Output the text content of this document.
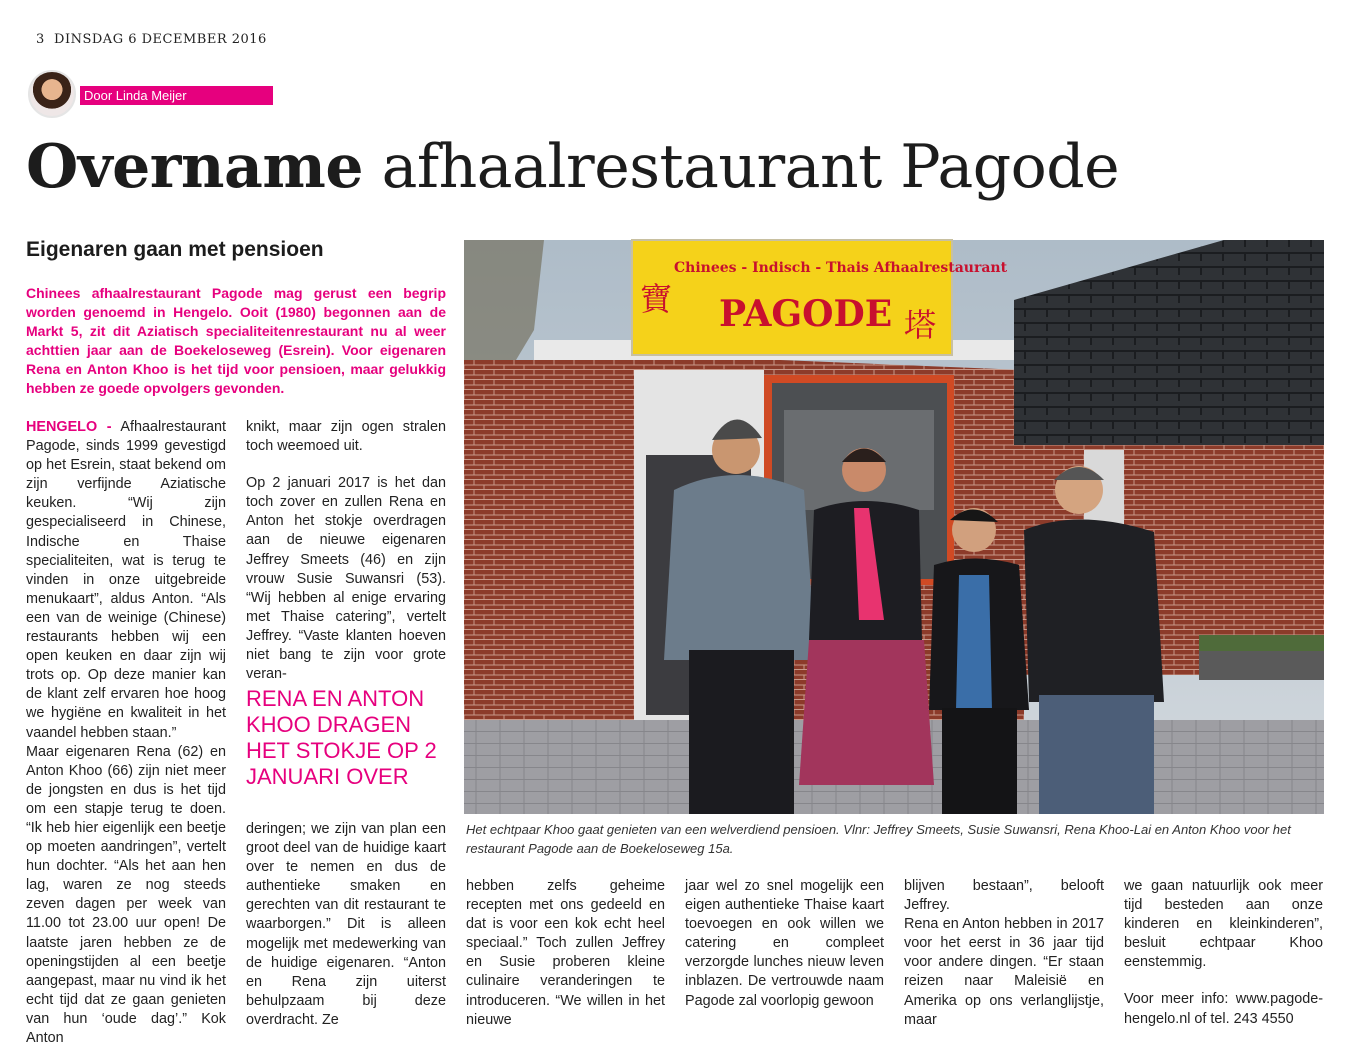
3 DINSDAG 6 DECEMBER 2016
Door Linda Meijer
Overname afhaalrestaurant Pagode
Eigenaren gaan met pensioen
Chinees afhaalrestaurant Pagode mag gerust een begrip worden genoemd in Hengelo. Ooit (1980) begonnen aan de Markt 5, zit dit Aziatisch specialiteitenrestaurant nu al weer achttien jaar aan de Boekeloseweg (Esrein). Voor eigenaren Rena en Anton Khoo is het tijd voor pensioen, maar gelukkig hebben ze goede opvolgers gevonden.

HENGELO - Afhaalrestaurant Pagode, sinds 1999 gevestigd op het Esrein, staat bekend om zijn verfijnde Aziatische keuken. “Wij zijn gespecialiseerd in Chinese, Indische en Thaise specialiteiten, wat is terug te vinden in onze uitgebreide menukaart”, aldus Anton. “Als een van de weinige (Chinese) restaurants hebben wij een open keuken en daar zijn wij trots op. Op deze manier kan de klant zelf ervaren hoe hoog we hygiëne en kwaliteit in het vaandel hebben staan.”

Maar eigenaren Rena (62) en Anton Khoo (66) zijn niet meer de jongsten en dus is het tijd om een stapje terug te doen. “Ik heb hier eigenlijk een beetje op moeten aandringen”, vertelt hun dochter. “Als het aan hen lag, waren ze nog steeds zeven dagen per week van 11.00 tot 23.00 uur open! De laatste jaren hebben ze de openingstijden al een beetje aangepast, maar nu vind ik het echt tijd dat ze gaan genieten van hun ‘oude dag’.” Kok Anton

knikt, maar zijn ogen stralen toch weemoed uit.

Op 2 januari 2017 is het dan toch zover en zullen Rena en Anton het stokje overdragen aan de nieuwe eigenaren Jeffrey Smeets (46) en zijn vrouw Susie Suwansri (53). “Wij hebben al enige ervaring met Thaise catering”, vertelt Jeffrey. “Vaste klanten hoeven niet bang te zijn voor grote veran-

RENA EN ANTON KHOO DRAGEN HET STOKJE OP 2 JANUARI OVER

deringen; we zijn van plan een groot deel van de huidige kaart over te nemen en dus de authentieke smaken en gerechten van dit restaurant te waarborgen.” Dit is alleen mogelijk met medewerking van de huidige eigenaren. “Anton en Rena zijn uiterst behulpzaam bij deze overdracht. Ze

Chinees - Indisch - Thais Afhaalrestaurant
PAGODE
寶
塔
Het echtpaar Khoo gaat genieten van een welverdiend pensioen. Vlnr: Jeffrey Smeets, Susie Suwansri, Rena Khoo-Lai en Anton Khoo voor het restaurant Pagode aan de Boekeloseweg 15a.

hebben zelfs geheime recepten met ons gedeeld en dat is voor een kok echt heel speciaal.” Toch zullen Jeffrey en Susie proberen kleine culinaire veranderingen te introduceren. “We willen in het nieuwe

jaar wel zo snel mogelijk een eigen authentieke Thaise kaart toevoegen en ook willen we catering en compleet verzorgde lunches nieuw leven inblazen. De vertrouwde naam Pagode zal voorlopig gewoon

blijven bestaan”, belooft Jeffrey.

Rena en Anton hebben in 2017 voor het eerst in 36 jaar tijd voor andere dingen. “Er staan reizen naar Maleisië en Amerika op ons verlanglijstje, maar

we gaan natuurlijk ook meer tijd besteden aan onze kinderen en kleinkinderen”, besluit echtpaar Khoo eenstemmig.

Voor meer info: www.pagode-hengelo.nl of tel. 243 4550
